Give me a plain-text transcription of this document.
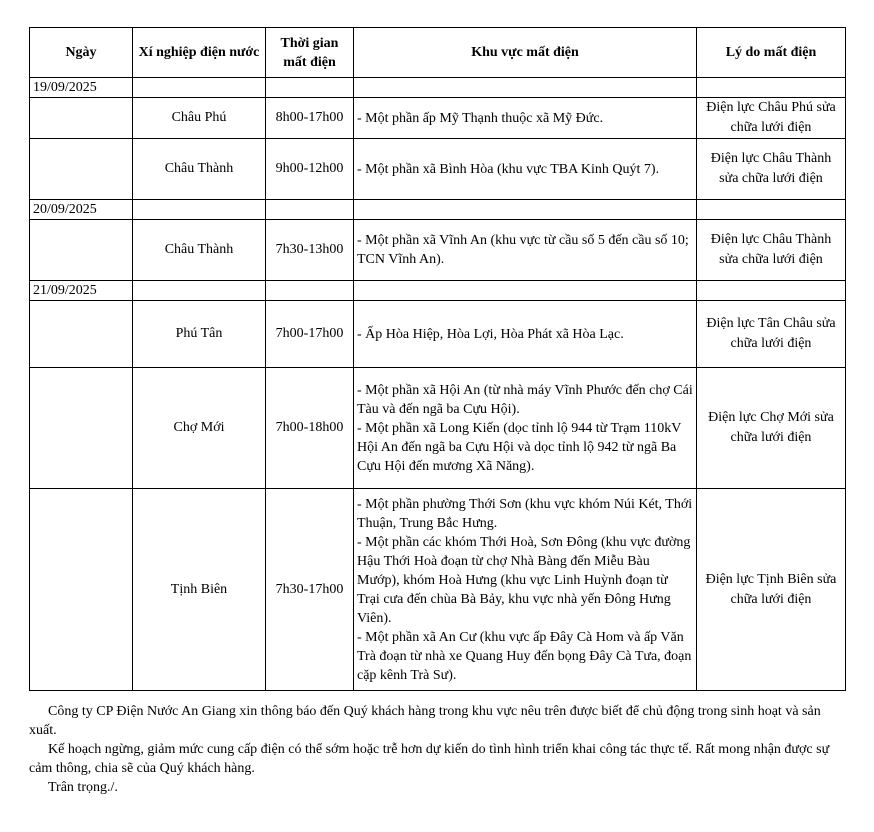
Ngày	Xí nghiệp điện nước	Thời gian mất điện	Khu vực mất điện	Lý do mất điện
19/09/2025				
	Châu Phú	8h00-17h00	- Một phần ấp Mỹ Thạnh thuộc xã Mỹ Đức.	Điện lực Châu Phú sửa chữa lưới điện
	Châu Thành	9h00-12h00	- Một phần xã Bình Hòa (khu vực TBA Kinh Quýt 7).	Điện lực Châu Thành sửa chữa lưới điện
20/09/2025				
	Châu Thành	7h30-13h00	- Một phần xã Vĩnh An (khu vực từ cầu số 5 đến cầu số 10; TCN Vĩnh An).	Điện lực Châu Thành sửa chữa lưới điện
21/09/2025				
	Phú Tân	7h00-17h00	- Ấp Hòa Hiệp, Hòa Lợi, Hòa Phát xã Hòa Lạc.	Điện lực Tân Châu sửa chữa lưới điện
	Chợ Mới	7h00-18h00	- Một phần xã Hội An (từ nhà máy Vĩnh Phước đến chợ Cái Tàu và đến ngã ba Cựu Hội).
- Một phần xã Long Kiến (dọc tỉnh lộ 944 từ Trạm 110kV Hội An đến ngã ba Cựu Hội và dọc tỉnh lộ 942 từ ngã Ba Cựu Hội đến mương Xã Năng).	Điện lực Chợ Mới sửa chữa lưới điện
	Tịnh Biên	7h30-17h00	- Một phần phường Thới Sơn (khu vực khóm Núi Két, Thới Thuận, Trung Bắc Hưng.
- Một phần các khóm Thới Hoà, Sơn Đông (khu vực đường Hậu Thới Hoà đoạn từ chợ Nhà Bàng đến Miễu Bàu Mướp), khóm Hoà Hưng (khu vực Linh Huỳnh đoạn từ Trại cưa đến chùa Bà Bảy, khu vực nhà yến Đông Hưng Viên).
- Một phần xã An Cư (khu vực ấp Đây Cà Hom và ấp Văn Trà đoạn từ nhà xe Quang Huy đến bọng Đây Cà Tưa, đoạn cặp kênh Trà Sư).	Điện lực Tịnh Biên sửa chữa lưới điện

Công ty CP Điện Nước An Giang xin thông báo đến Quý khách hàng trong khu vực nêu trên được biết để chủ động trong sinh hoạt và sản xuất.

Kế hoạch ngừng, giảm mức cung cấp điện có thể sớm hoặc trễ hơn dự kiến do tình hình triển khai công tác thực tế. Rất mong nhận được sự cảm thông, chia sẽ của Quý khách hàng.

Trân trọng./.
